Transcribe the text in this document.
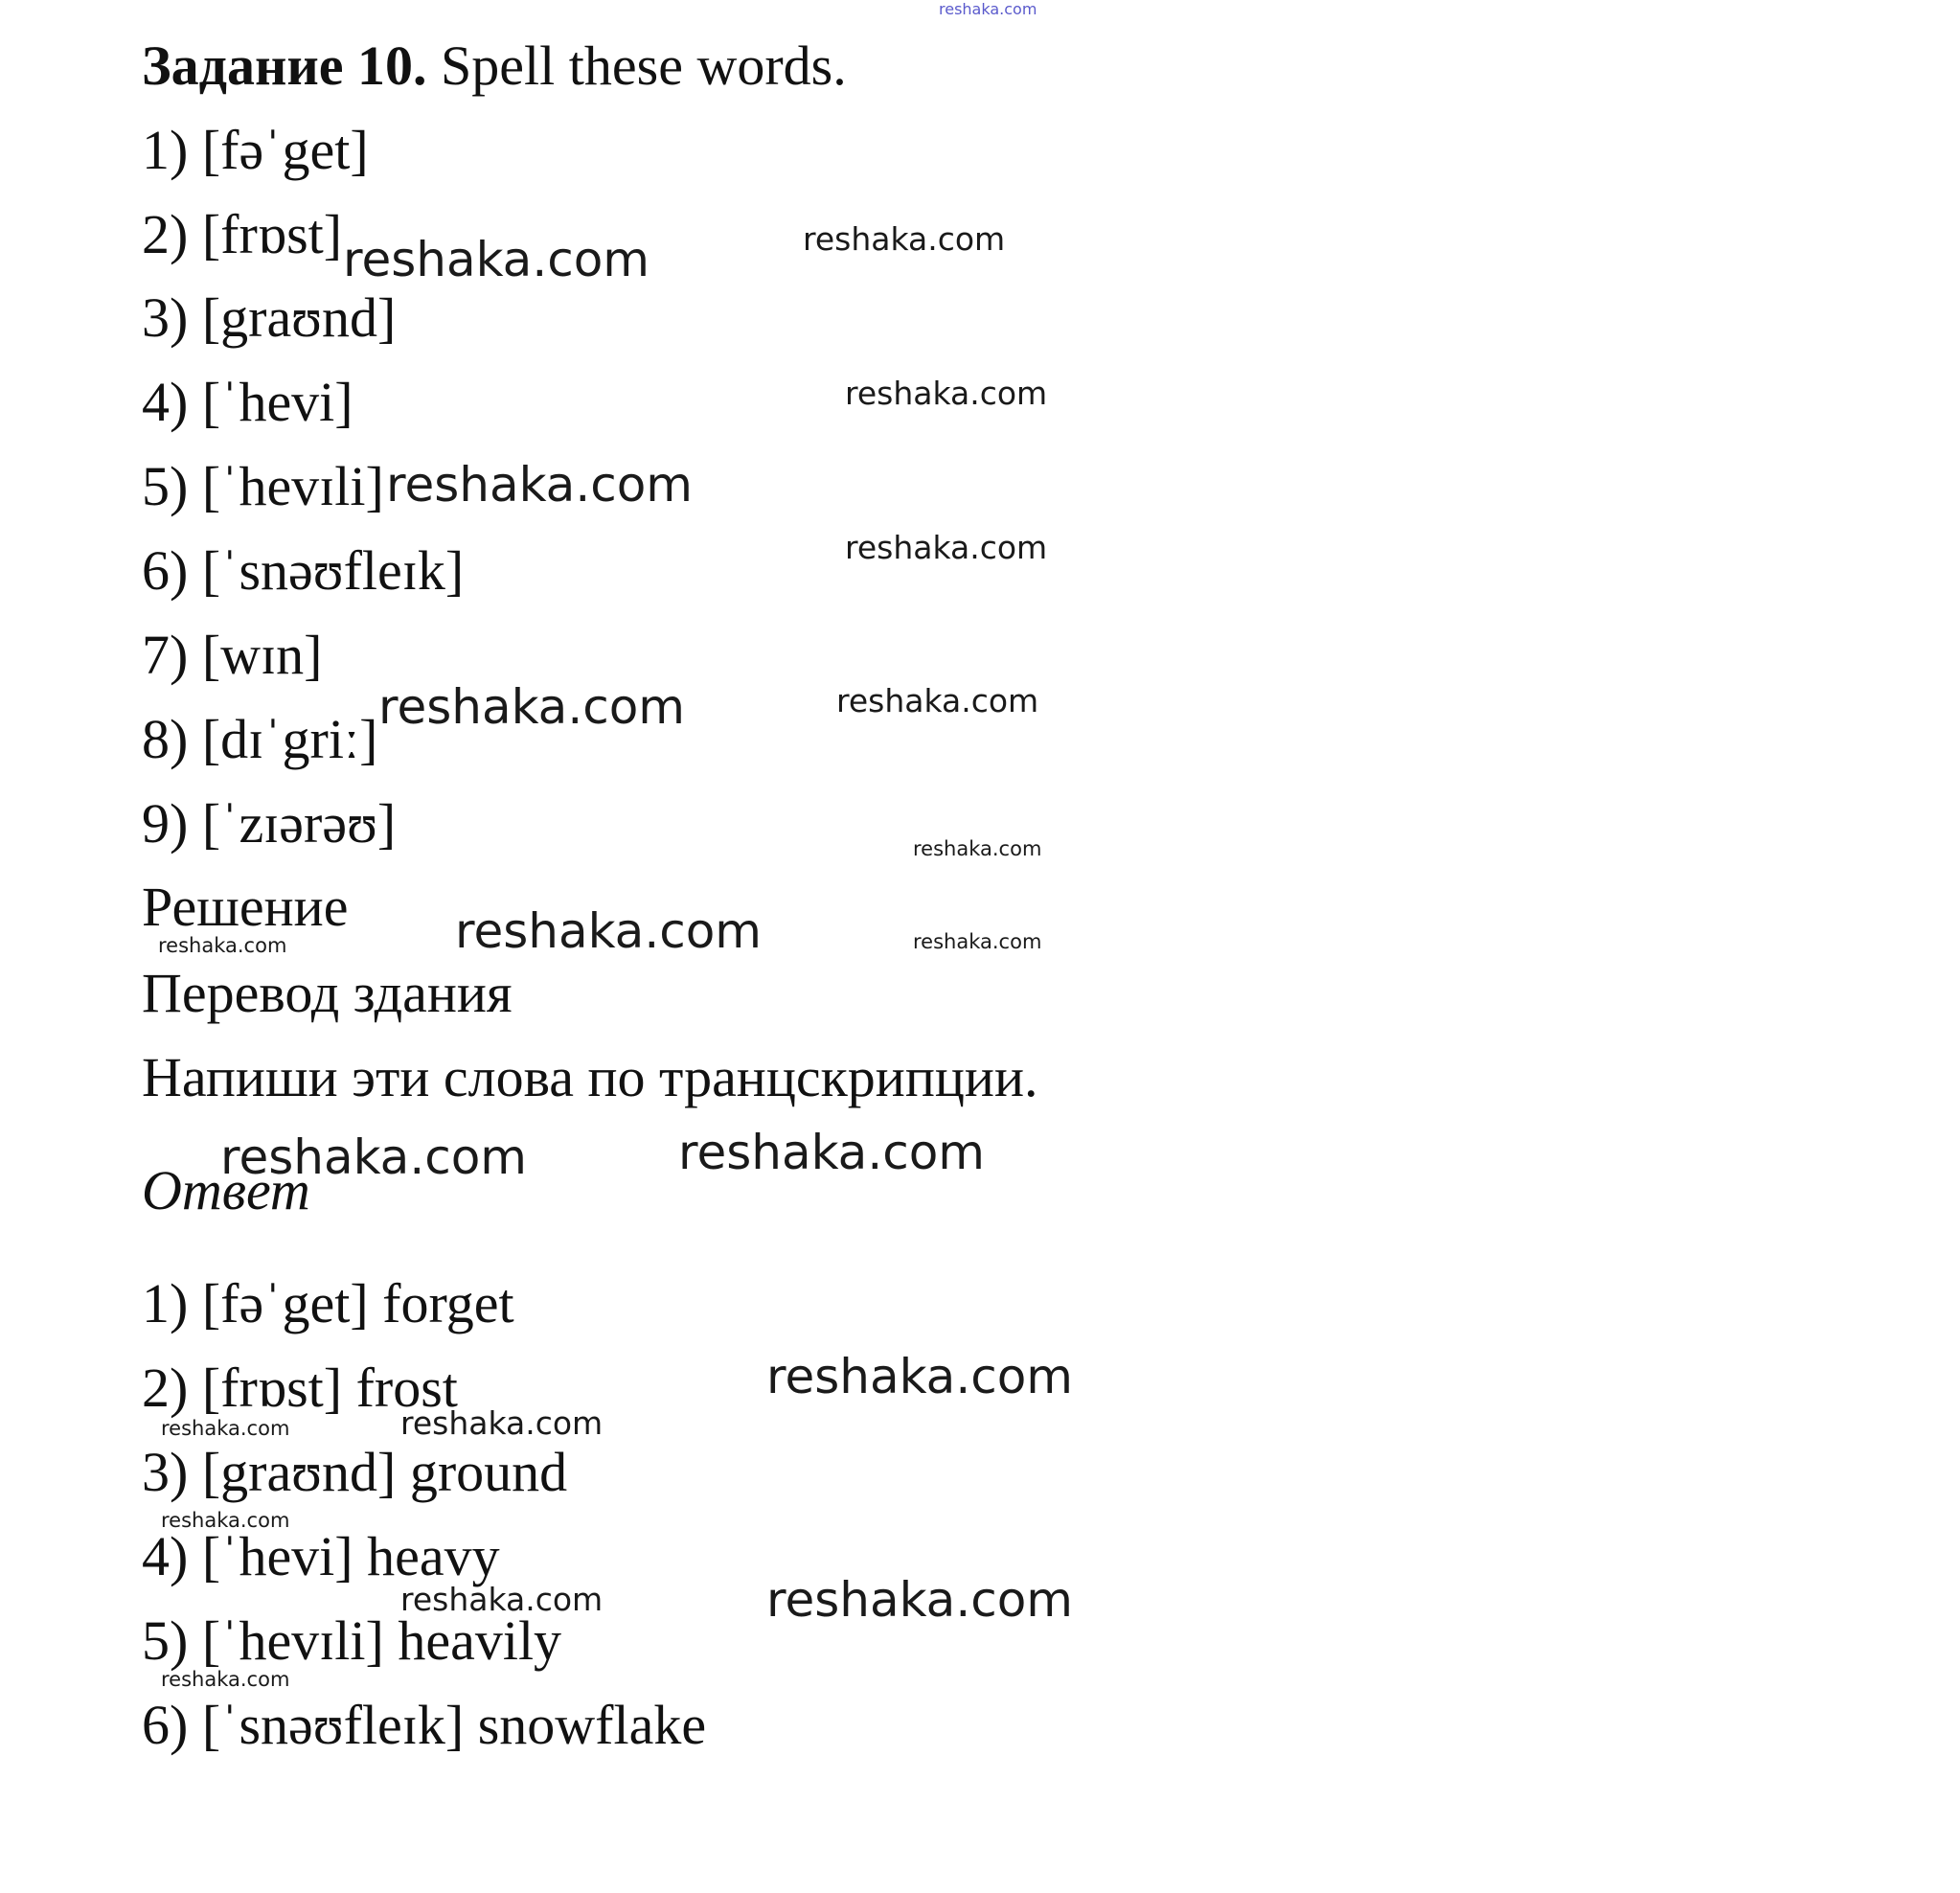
reshaka.com
Задание 10. Spell these words.
1) [fəˈget]
2) [frɒst]
3) [graʊnd]
4) [ˈhevi]
5) [ˈhevɪli]
6) [ˈsnəʊfleɪk]
7) [wɪn]
8) [dɪˈgriː]
9) [ˈzɪərəʊ]
Решение
Перевод здания
Напиши эти слова по транцскрипции.
Ответ
1) [fəˈget] forget
2) [frɒst] frost
3) [graʊnd] ground
4) [ˈhevi] heavy
5) [ˈhevɪli] heavily
6) [ˈsnəʊfleɪk] snowflake
reshaka.com	reshaka.com
reshaka.com
reshaka.com
reshaka.com
reshaka.com	reshaka.com
reshaka.com
reshaka.com	reshaka.com	reshaka.com
reshaka.com	reshaka.com
reshaka.com
reshaka.com	reshaka.com
reshaka.com
reshaka.com	reshaka.com
reshaka.com
